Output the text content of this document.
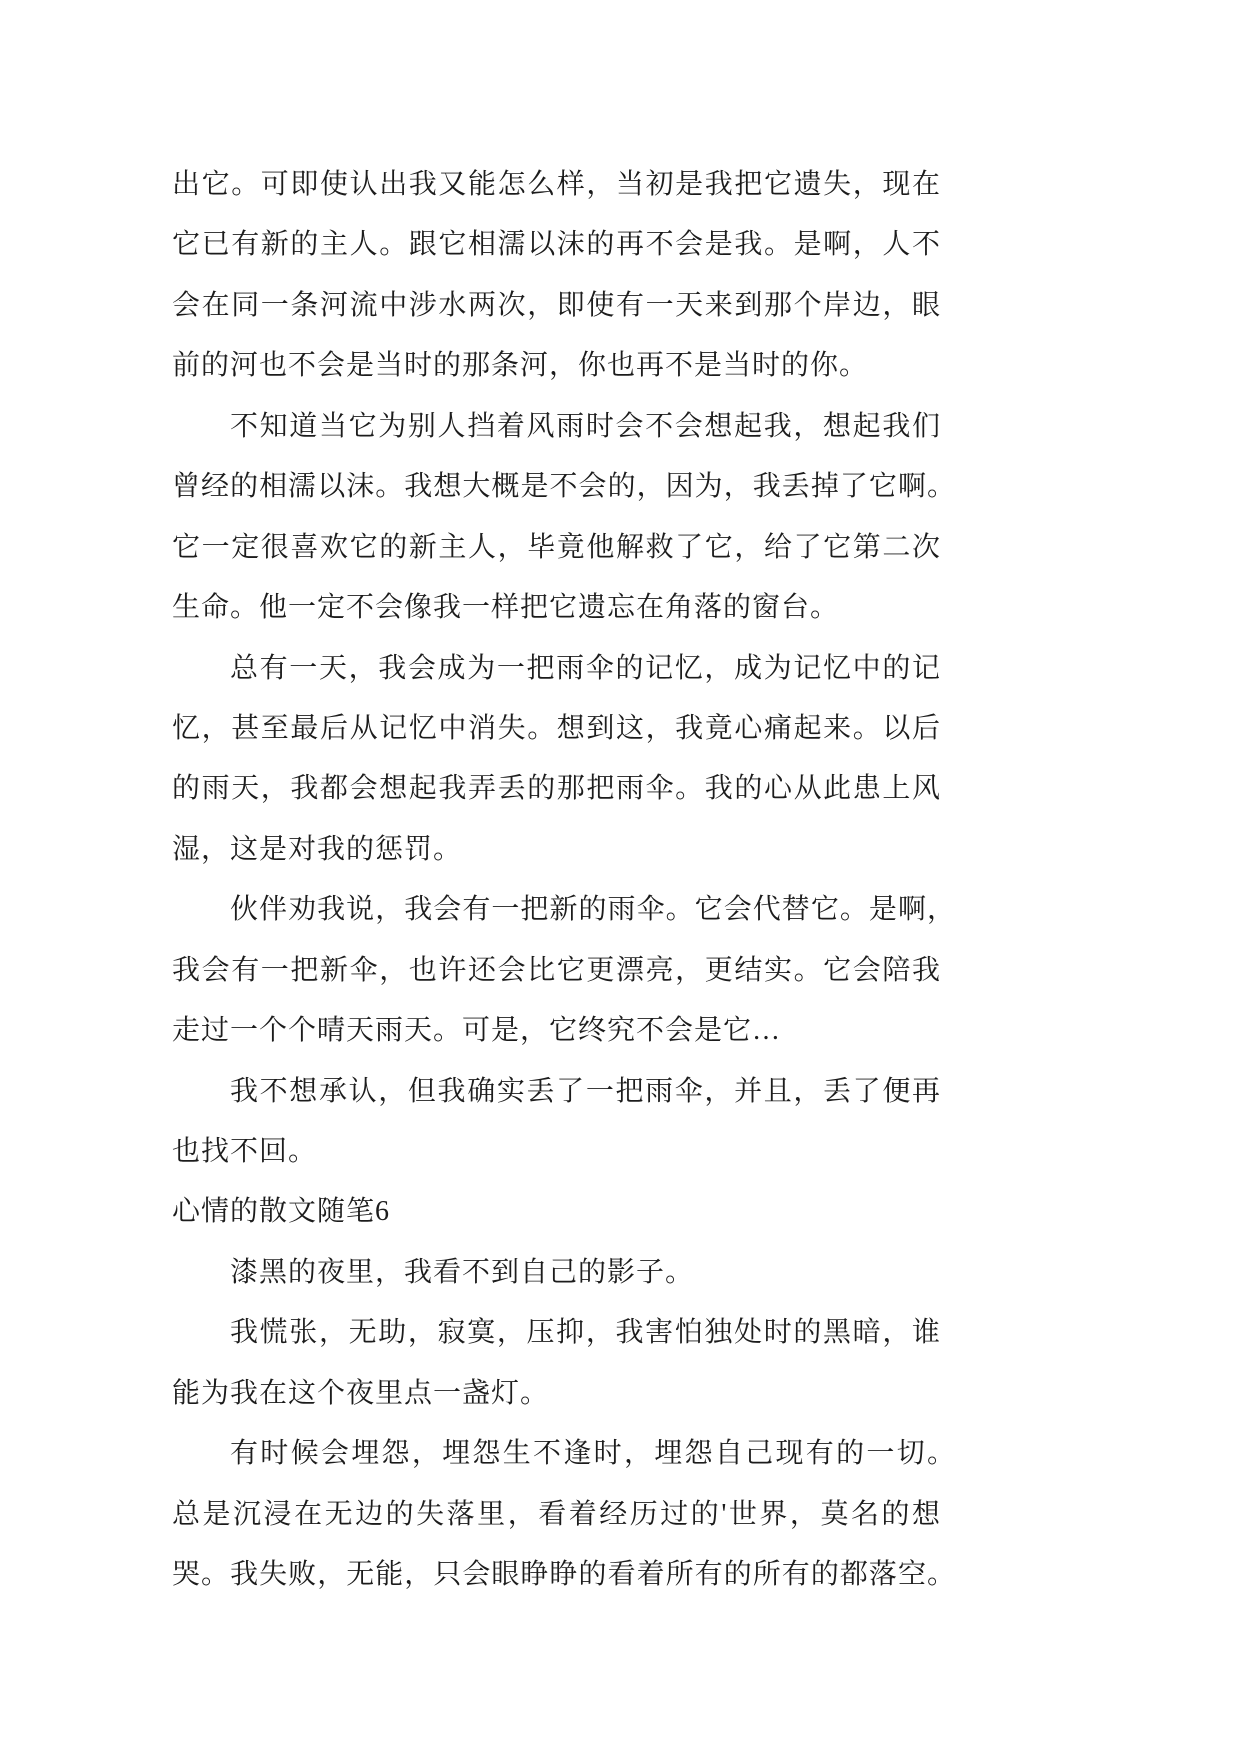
出它。可即使认出我又能怎么样，当初是我把它遗失，现在
它已有新的主人。跟它相濡以沫的再不会是我。是啊，人不
会在同一条河流中涉水两次，即使有一天来到那个岸边，眼
前的河也不会是当时的那条河，你也再不是当时的你。
不知道当它为别人挡着风雨时会不会想起我，想起我们
曾经的相濡以沫。我想大概是不会的，因为，我丢掉了它啊。
它一定很喜欢它的新主人，毕竟他解救了它，给了它第二次
生命。他一定不会像我一样把它遗忘在角落的窗台。
总有一天，我会成为一把雨伞的记忆，成为记忆中的记
忆，甚至最后从记忆中消失。想到这，我竟心痛起来。以后
的雨天，我都会想起我弄丢的那把雨伞。我的心从此患上风
湿，这是对我的惩罚。
伙伴劝我说，我会有一把新的雨伞。它会代替它。是啊，
我会有一把新伞，也许还会比它更漂亮，更结实。它会陪我
走过一个个晴天雨天。可是，它终究不会是它…
我不想承认，但我确实丢了一把雨伞，并且，丢了便再
也找不回。
心情的散文随笔6
漆黑的夜里，我看不到自己的影子。
我慌张，无助，寂寞，压抑，我害怕独处时的黑暗，谁
能为我在这个夜里点一盏灯。
有时候会埋怨，埋怨生不逢时，埋怨自己现有的一切。
总是沉浸在无边的失落里，看着经历过的'世界，莫名的想
哭。我失败，无能，只会眼睁睁的看着所有的所有的都落空。
